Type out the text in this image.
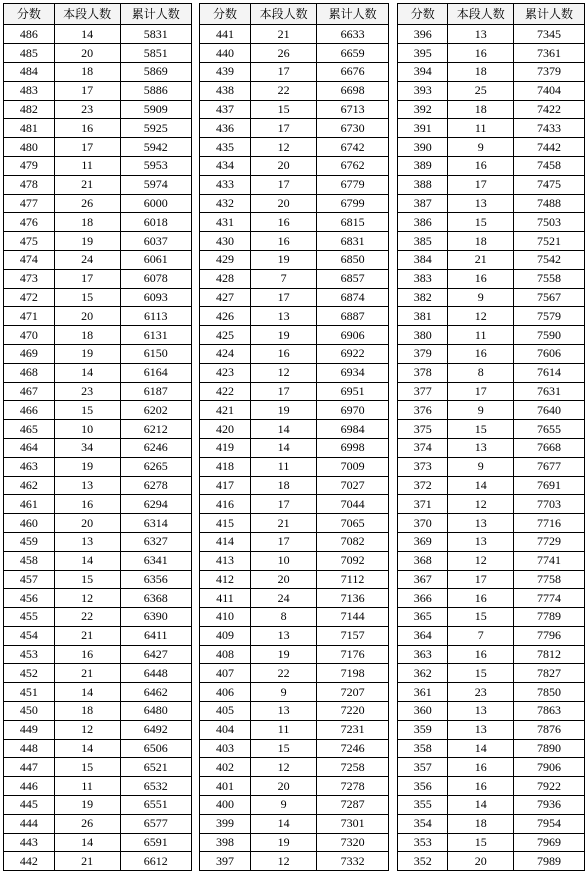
分数	本段人数	累计人数
486	14	5831
485	20	5851
484	18	5869
483	17	5886
482	23	5909
481	16	5925
480	17	5942
479	11	5953
478	21	5974
477	26	6000
476	18	6018
475	19	6037
474	24	6061
473	17	6078
472	15	6093
471	20	6113
470	18	6131
469	19	6150
468	14	6164
467	23	6187
466	15	6202
465	10	6212
464	34	6246
463	19	6265
462	13	6278
461	16	6294
460	20	6314
459	13	6327
458	14	6341
457	15	6356
456	12	6368
455	22	6390
454	21	6411
453	16	6427
452	21	6448
451	14	6462
450	18	6480
449	12	6492
448	14	6506
447	15	6521
446	11	6532
445	19	6551
444	26	6577
443	14	6591
442	21	6612
分数	本段人数	累计人数
441	21	6633
440	26	6659
439	17	6676
438	22	6698
437	15	6713
436	17	6730
435	12	6742
434	20	6762
433	17	6779
432	20	6799
431	16	6815
430	16	6831
429	19	6850
428	7	6857
427	17	6874
426	13	6887
425	19	6906
424	16	6922
423	12	6934
422	17	6951
421	19	6970
420	14	6984
419	14	6998
418	11	7009
417	18	7027
416	17	7044
415	21	7065
414	17	7082
413	10	7092
412	20	7112
411	24	7136
410	8	7144
409	13	7157
408	19	7176
407	22	7198
406	9	7207
405	13	7220
404	11	7231
403	15	7246
402	12	7258
401	20	7278
400	9	7287
399	14	7301
398	19	7320
397	12	7332
分数	本段人数	累计人数
396	13	7345
395	16	7361
394	18	7379
393	25	7404
392	18	7422
391	11	7433
390	9	7442
389	16	7458
388	17	7475
387	13	7488
386	15	7503
385	18	7521
384	21	7542
383	16	7558
382	9	7567
381	12	7579
380	11	7590
379	16	7606
378	8	7614
377	17	7631
376	9	7640
375	15	7655
374	13	7668
373	9	7677
372	14	7691
371	12	7703
370	13	7716
369	13	7729
368	12	7741
367	17	7758
366	16	7774
365	15	7789
364	7	7796
363	16	7812
362	15	7827
361	23	7850
360	13	7863
359	13	7876
358	14	7890
357	16	7906
356	16	7922
355	14	7936
354	18	7954
353	15	7969
352	20	7989
